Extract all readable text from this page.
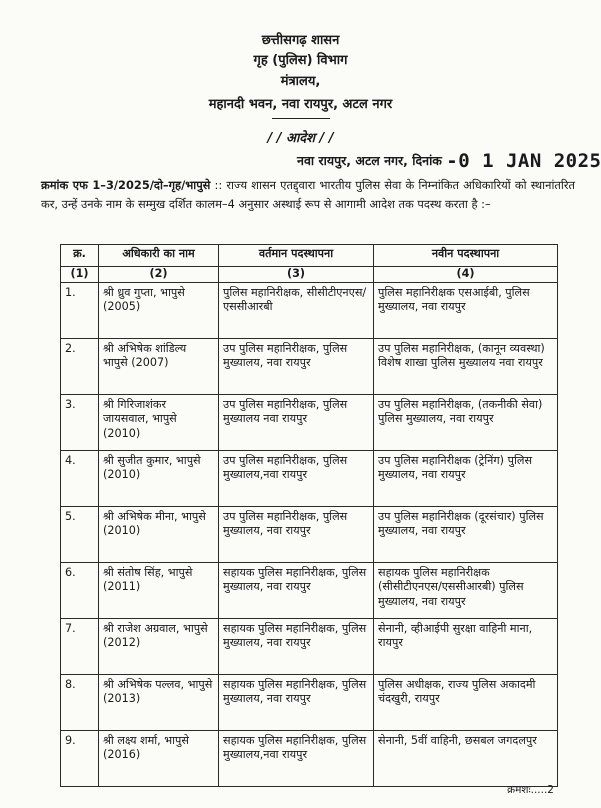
छत्तीसगढ़ शासन
गृह (पुलिस) विभाग
मंत्रालय,
महानदी भवन, नवा रायपुर, अटल नगर
/ / आदेश / /
नवा रायपुर, अटल नगर, दिनांक -0 1 JAN 2025
क्रमांक एफ 1–3/2025/दो–गृह/भापुसे :: राज्य शासन एतद्द्वारा भारतीय पुलिस सेवा के निम्नांकित अधिकारियों को स्थानांतरित कर, उन्हें उनके नाम के सम्मुख दर्शित कालम–4 अनुसार अस्थाई रूप से आगामी आदेश तक पदस्थ करता है :–
क्र.	अधिकारी का नाम	वर्तमान पदस्थापना	नवीन पदस्थापना
(1)	(2)	(3)	(4)
1.	श्री ध्रुव गुप्ता, भापुसे (2005)	पुलिस महानिरीक्षक, सीसीटीएनएस/एससीआरबी	पुलिस महानिरीक्षक एसआईबी, पुलिस मुख्यालय, नवा रायपुर
2.	श्री अभिषेक शांडिल्य भापुसे (2007)	उप पुलिस महानिरीक्षक, पुलिस मुख्यालय, नवा रायपुर	उप पुलिस महानिरीक्षक, (कानून व्यवस्था) विशेष शाखा पुलिस मुख्यालय नवा रायपुर
3.	श्री गिरिजाशंकर जायसवाल, भापुसे (2010)	उप पुलिस महानिरीक्षक, पुलिस मुख्यालय नवा रायपुर	उप पुलिस महानिरीक्षक, (तकनीकी सेवा) पुलिस मुख्यालय, नवा रायपुर
4.	श्री सुजीत कुमार, भापुसे (2010)	उप पुलिस महानिरीक्षक, पुलिस मुख्यालय,नवा रायपुर	उप पुलिस महानिरीक्षक (ट्रेनिंग) पुलिस मुख्यालय, नवा रायपुर
5.	श्री अभिषेक मीना, भापुसे (2010)	उप पुलिस महानिरीक्षक, पुलिस मुख्यालय, नवा रायपुर	उप पुलिस महानिरीक्षक (दूरसंचार) पुलिस मुख्यालय, नवा रायपुर
6.	श्री संतोष सिंह, भापुसे (2011)	सहायक पुलिस महानिरीक्षक, पुलिस मुख्यालय, नवा रायपुर	सहायक पुलिस महानिरीक्षक (सीसीटीएनएस/एससीआरबी) पुलिस मुख्यालय, नवा रायपुर
7.	श्री राजेश अग्रवाल, भापुसे (2012)	सहायक पुलिस महानिरीक्षक, पुलिस मुख्यालय, नवा रायपुर	सेनानी, व्हीआईपी सुरक्षा वाहिनी माना, रायपुर
8.	श्री अभिषेक पल्लव, भापुसे (2013)	सहायक पुलिस महानिरीक्षक, पुलिस मुख्यालय, नवा रायपुर	पुलिस अधीक्षक, राज्य पुलिस अकादमी चंदखुरी, रायपुर
9.	श्री लक्ष्य शर्मा, भापुसे (2016)	सहायक पुलिस महानिरीक्षक, पुलिस मुख्यालय,नवा रायपुर	सेनानी, 5वीं वाहिनी, छसबल जगदलपुर
क्रमशः.....2
